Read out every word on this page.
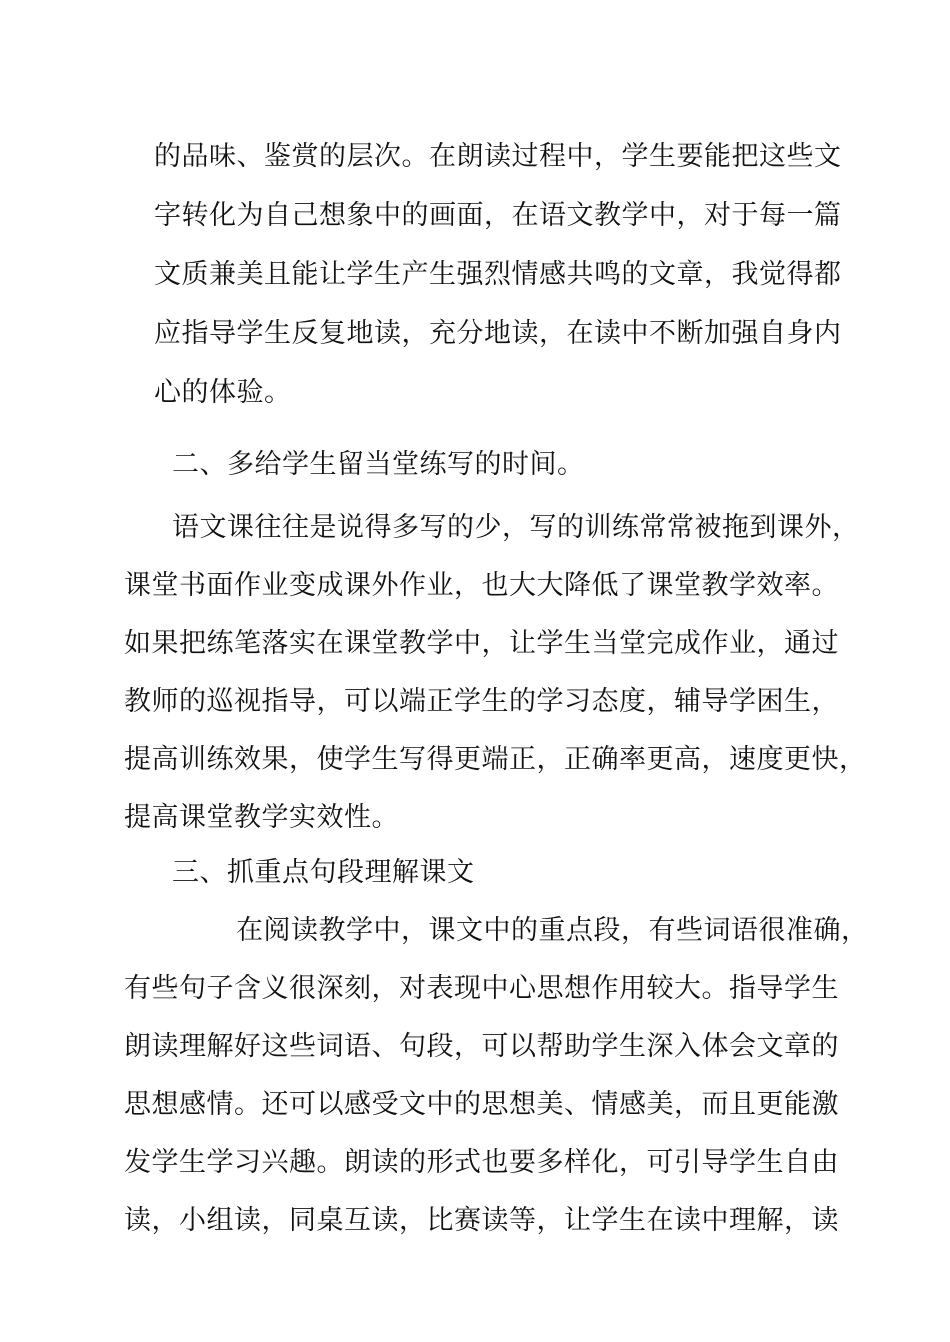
的品味、鉴赏的层次。在朗读过程中，学生要能把这些文
字转化为自己想象中的画面，在语文教学中，对于每一篇
文质兼美且能让学生产生强烈情感共鸣的文章，我觉得都
应指导学生反复地读，充分地读，在读中不断加强自身内
心的体验。
二、多给学生留当堂练写的时间。
语文课往往是说得多写的少，写的训练常常被拖到课外，
课堂书面作业变成课外作业，也大大降低了课堂教学效率。
如果把练笔落实在课堂教学中，让学生当堂完成作业，通过
教师的巡视指导，可以端正学生的学习态度，辅导学困生，
提高训练效果，使学生写得更端正，正确率更高，速度更快，
提高课堂教学实效性。
三、抓重点句段理解课文
在阅读教学中，课文中的重点段，有些词语很准确，
有些句子含义很深刻，对表现中心思想作用较大。指导学生
朗读理解好这些词语、句段，可以帮助学生深入体会文章的
思想感情。还可以感受文中的思想美、情感美，而且更能激
发学生学习兴趣。朗读的形式也要多样化，可引导学生自由
读，小组读，同桌互读，比赛读等，让学生在读中理解，读
